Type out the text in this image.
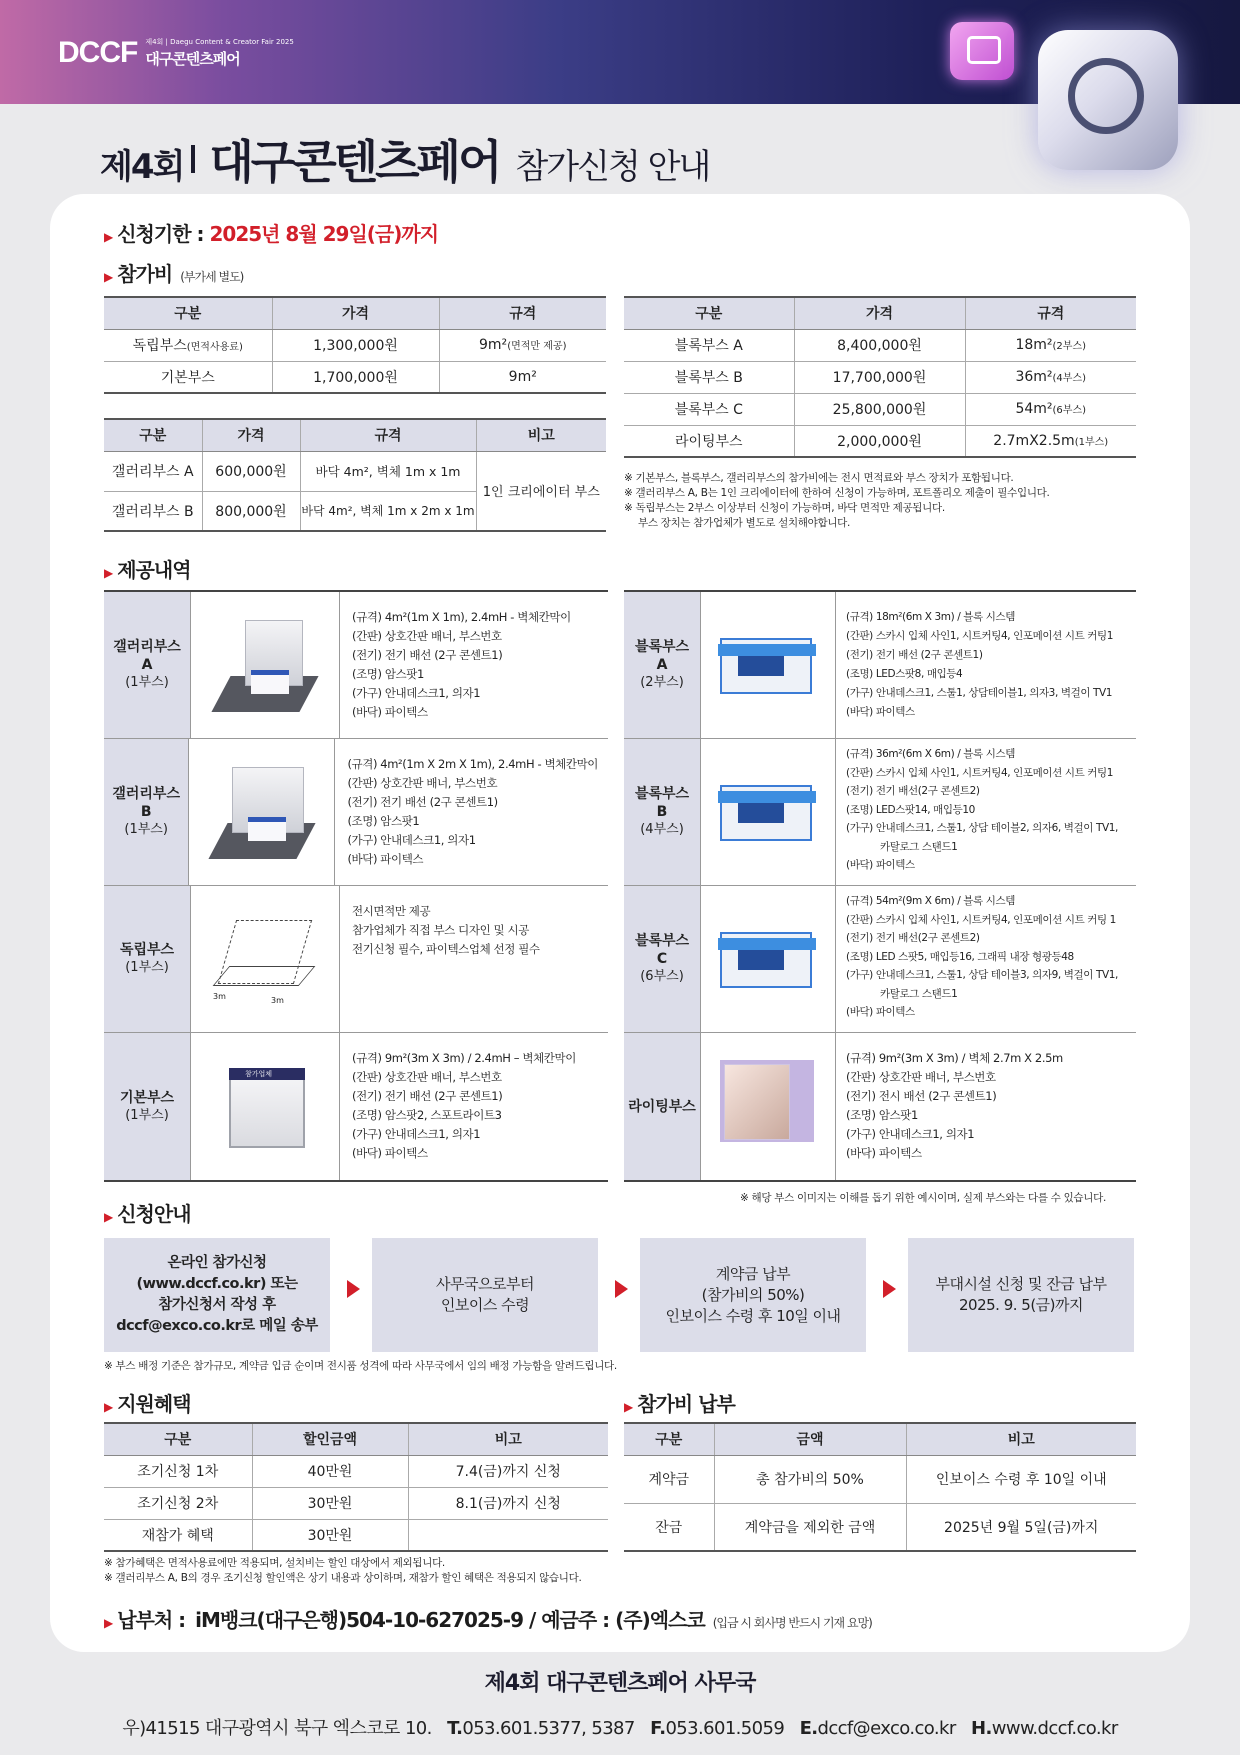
DCCF 제4회 | Daegu Content & Creator Fair 2025
대구콘텐츠페어
제4회 대구콘텐츠페어 참가신청 안내
▶ 신청기한 : 2025년 8월 29일(금)까지
▶ 참가비 (부가세 별도)
구분	가격	규격
독립부스(면적사용료)	1,300,000원	9m²(면적만 제공)
기본부스	1,700,000원	9m²
구분	가격	규격	비고
갤러리부스 A	600,000원	바닥 4m², 벽체 1m x 1m	1인 크리에이터 부스
갤러리부스 B	800,000원	바닥 4m², 벽체 1m x 2m x 1m	
구분	가격	규격
블록부스 A	8,400,000원	18m²(2부스)
블록부스 B	17,700,000원	36m²(4부스)
블록부스 C	25,800,000원	54m²(6부스)
라이팅부스	2,000,000원	2.7mX2.5m(1부스)
※ 기본부스, 블록부스, 갤러리부스의 참가비에는 전시 면적료와 부스 장치가 포함됩니다.
※ 갤러리부스 A, B는 1인 크리에이터에 한하여 신청이 가능하며, 포트폴리오 제출이 필수입니다.
※ 독립부스는 2부스 이상부터 신청이 가능하며, 바닥 면적만 제공됩니다.
부스 장치는 참가업체가 별도로 설치해야합니다.
▶ 제공내역
갤러리부스
A
(1부스)
(규격) 4m²(1m X 1m), 2.4mH - 벽체칸막이
(간판) 상호간판 배너, 부스번호
(전기) 전기 배선 (2구 콘센트1)
(조명) 암스팟1
(가구) 안내데스크1, 의자1
(바닥) 파이텍스
갤러리부스
B
(1부스)
(규격) 4m²(1m X 2m X 1m), 2.4mH - 벽체칸막이
(간판) 상호간판 배너, 부스번호
(전기) 전기 배선 (2구 콘센트1)
(조명) 암스팟1
(가구) 안내데스크1, 의자1
(바닥) 파이텍스
독립부스
(1부스)
3m	3m
전시면적만 제공
참가업체가 직접 부스 디자인 및 시공
전기신청 필수, 파이텍스업체 선정 필수
기본부스
(1부스)
참가업체
(규격) 9m²(3m X 3m) / 2.4mH – 벽체칸막이
(간판) 상호간판 배너, 부스번호
(전기) 전기 배선 (2구 콘센트1)
(조명) 암스팟2, 스포트라이트3
(가구) 안내데스크1, 의자1
(바닥) 파이텍스
블록부스
A
(2부스)
(규격) 18m²(6m X 3m) / 블록 시스템
(간판) 스카시 입체 사인1, 시트커팅4, 인포메이션 시트 커팅1
(전기) 전기 배선 (2구 콘센트1)
(조명) LED스팟8, 매입등4
(가구) 안내데스크1, 스툴1, 상담테이블1, 의자3, 벽걸이 TV1
(바닥) 파이텍스
블록부스
B
(4부스)
(규격) 36m²(6m X 6m) / 블록 시스템
(간판) 스카시 입체 사인1, 시트커팅4, 인포메이션 시트 커팅1
(전기) 전기 배선(2구 콘센트2)
(조명) LED스팟14, 매입등10
(가구) 안내데스크1, 스툴1, 상담 테이블2, 의자6, 벽걸이 TV1,
카탈로그 스탠드1
(바닥) 파이텍스
블록부스
C
(6부스)
(규격) 54m²(9m X 6m) / 블록 시스템
(간판) 스카시 입체 사인1, 시트커팅4, 인포메이션 시트 커팅 1
(전기) 전기 배선(2구 콘센트2)
(조명) LED 스팟5, 매입등16, 그래픽 내장 형광등48
(가구) 안내데스크1, 스툴1, 상담 테이블3, 의자9, 벽걸이 TV1,
카탈로그 스탠드1
(바닥) 파이텍스
라이팅부스
(규격) 9m²(3m X 3m) / 벽체 2.7m X 2.5m
(간판) 상호간판 배너, 부스번호
(전기) 전시 배선 (2구 콘센트1)
(조명) 암스팟1
(가구) 안내데스크1, 의자1
(바닥) 파이텍스
※ 해당 부스 이미지는 이해를 돕기 위한 예시이며, 실제 부스와는 다를 수 있습니다.
▶ 신청안내
온라인 참가신청
(www.dccf.co.kr) 또는
참가신청서 작성 후
dccf@exco.co.kr로 메일 송부
사무국으로부터
인보이스 수령
계약금 납부
(참가비의 50%)
인보이스 수령 후 10일 이내
부대시설 신청 및 잔금 납부
2025. 9. 5(금)까지
※ 부스 배정 기준은 참가규모, 계약금 입금 순이며 전시품 성격에 따라 사무국에서 임의 배정 가능함을 알려드립니다.
▶ 지원혜택
구분	할인금액	비고
조기신청 1차	40만원	7.4(금)까지 신청
조기신청 2차	30만원	8.1(금)까지 신청
재참가 혜택	30만원	
※ 참가혜택은 면적사용료에만 적용되며, 설치비는 할인 대상에서 제외됩니다.
※ 갤러리부스 A, B의 경우 조기신청 할인액은 상기 내용과 상이하며, 재참가 할인 혜택은 적용되지 않습니다.
▶ 참가비 납부
구분	금액	비고
계약금	총 참가비의 50%	인보이스 수령 후 10일 이내
잔금	계약금을 제외한 금액	2025년 9월 5일(금)까지
▶ 납부처 : iM뱅크(대구은행)504-10-627025-9 / 예금주 : (주)엑스코 (입금 시 회사명 반드시 기재 요망)
제4회 대구콘텐츠페어 사무국
우)41515 대구광역시 북구 엑스코로 10. T.053.601.5377, 5387 F.053.601.5059 E.dccf@exco.co.kr H.www.dccf.co.kr
